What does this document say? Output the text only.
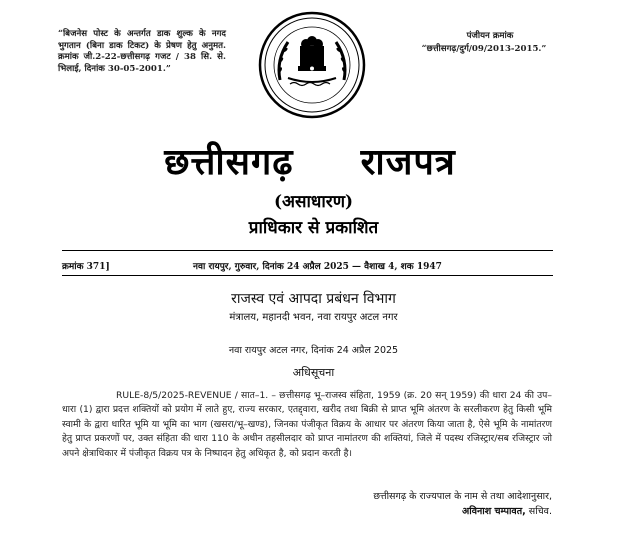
“बिजनेस पोस्ट के अन्तर्गत डाक शुल्क के नगद भुगतान (बिना डाक टिकट) के प्रेषण हेतु अनुमत. क्रमांक जी.2-22-छत्तीसगढ़ गजट / 38 सि. से. भिलाई, दिनांक 30-05-2001.”
पंजीयन क्रमांक
“छत्तीसगढ़/दुर्ग/09/2013-2015.”
छत्तीसगढ़ राजपत्र
(असाधारण)
प्राधिकार से प्रकाशित
क्रमांक 371]	नवा रायपुर, गुरुवार, दिनांक 24 अप्रैल 2025 — वैशाख 4, शक 1947
राजस्व एवं आपदा प्रबंधन विभाग
मंत्रालय, महानदी भवन, नवा रायपुर अटल नगर
नवा रायपुर अटल नगर, दिनांक 24 अप्रैल 2025
अधिसूचना
RULE-8/5/2025-REVENUE / सात–1. – छत्तीसगढ़ भू–राजस्व संहिता, 1959 (क्र. 20 सन् 1959) की धारा 24 की उप–धारा (1) द्वारा प्रदत्त शक्तियों को प्रयोग में लाते हुए, राज्य सरकार, एतद्द्वारा, खरीद तथा बिक्री से प्राप्त भूमि अंतरण के सरलीकरण हेतु किसी भूमि स्वामी के द्वारा धारित भूमि या भूमि का भाग (खसरा/भू–खण्ड), जिनका पंजीकृत विक्रय के आधार पर अंतरण किया जाता है, ऐसे भूमि के नामांतरण हेतु प्राप्त प्रकरणों पर, उक्त संहिता की धारा 110 के अधीन तहसीलदार को प्राप्त नामांतरण की शक्तियां, जिले में पदस्थ रजिस्ट्रार/सब रजिस्ट्रार जो अपने क्षेत्राधिकार में पंजीकृत विक्रय पत्र के निष्पादन हेतु अधिकृत है, को प्रदान करती है।
छत्तीसगढ़ के राज्यपाल के नाम से तथा आदेशानुसार,
अविनाश चम्पावत, सचिव.
